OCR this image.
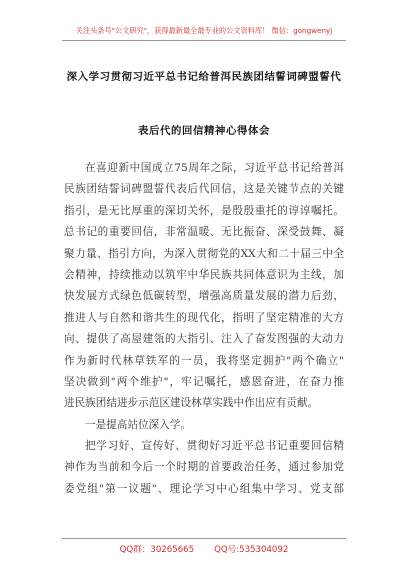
关注头条号"公文研究"，获得最新最全最专业的公文资料库！ 微信：gongwenyj
深入学习贯彻习近平总书记给普洱民族团结誓词碑盟誓代
表后代的回信精神心得体会
在喜迎新中国成立75周年之际，习近平总书记给普洱
民族团结誓词碑盟誓代表后代回信，这是关键节点的关键
指引，是无比厚重的深切关怀，是殷殷重托的谆谆嘱托。
总书记的重要回信，非常温暖、无比振奋、深受鼓舞、凝
聚力量、指引方向，为深入贯彻党的XX大和二十届三中全
会精神，持续推动以筑牢中华民族共同体意识为主线，加
快发展方式绿色低碳转型，增强高质量发展的潜力后劲，
推进人与自然和谐共生的现代化，指明了坚定精准的大方
向、提供了高屋建瓴的大指引、注入了奋发图强的大动力
作为新时代林草铁军的一员，我将坚定拥护"两个确立"
坚决做到"两个维护"，牢记嘱托，感恩奋进，在奋力推
进民族团结进步示范区建设林草实践中作出应有贡献。
一是提高站位深入学。
把学习好、宣传好、贯彻好习近平总书记重要回信精
神作为当前和今后一个时期的首要政治任务，通过参加党
委党组"第一议题"、理论学习中心组集中学习、党支部
QQ群：30265665 QQ号:535304092
